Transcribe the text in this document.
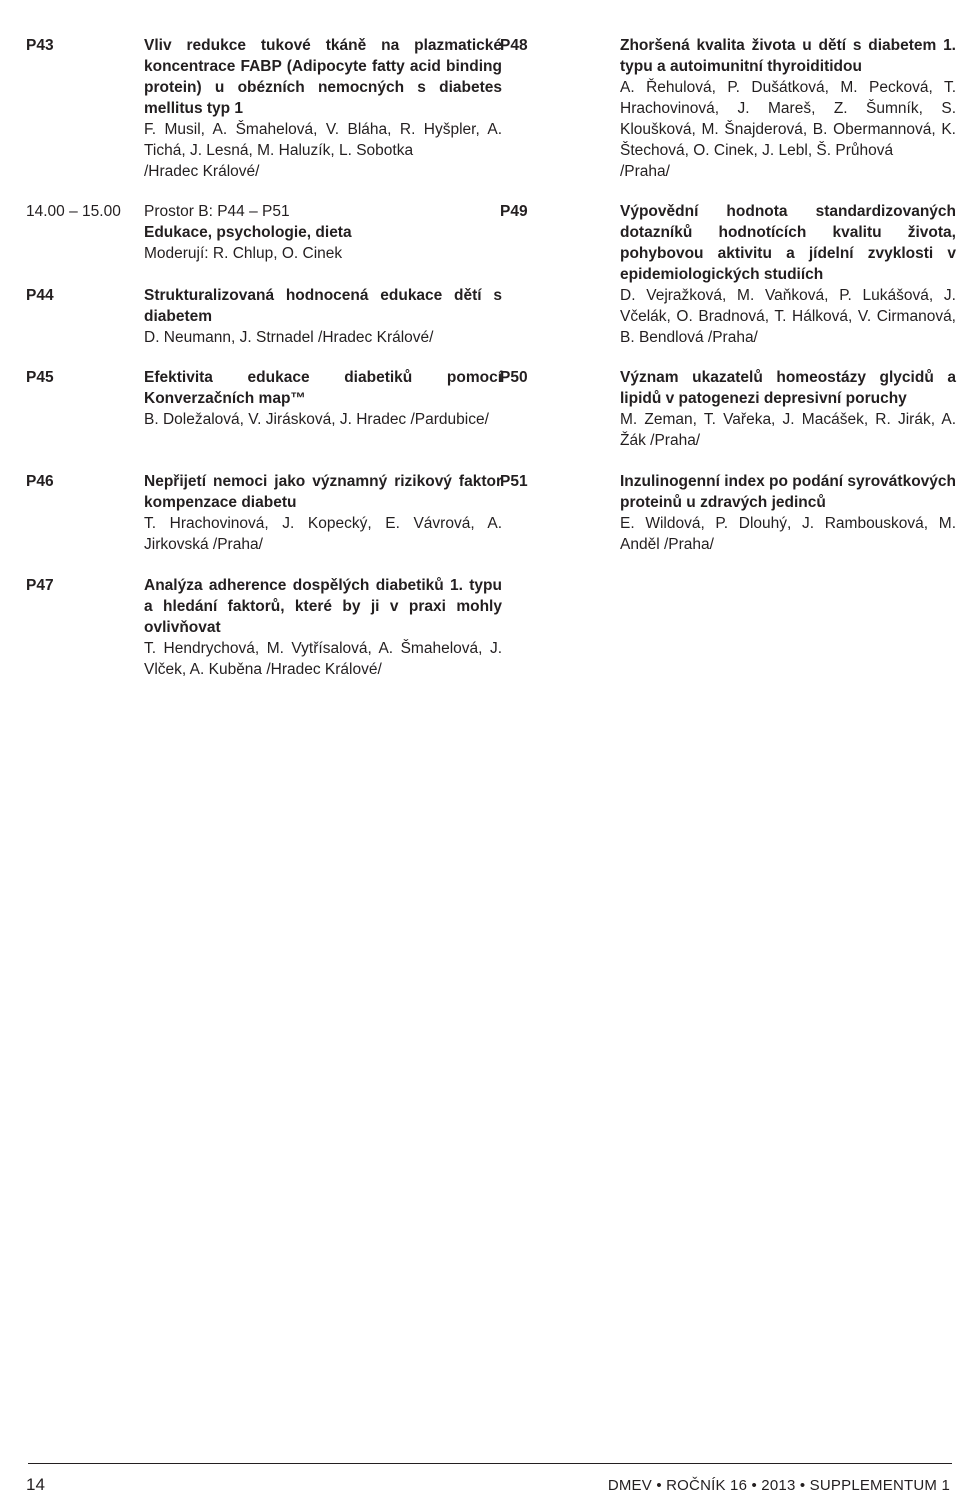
P43	Vliv redukce tukové tkáně na plazmatické koncentrace FABP (Adipocyte fatty acid binding protein) u obézních nemocných s diabetes mellitus typ 1
F. Musil, A. Šmahelová, V. Bláha, R. Hyšpler, A. Tichá, J. Lesná, M. Haluzík, L. Sobotka
/Hradec Králové/
14.00 – 15.00 Prostor B: P44 – P51
Edukace, psychologie, dieta
Moderují: R. Chlup, O. Cinek
P44	Strukturalizovaná hodnocená edukace dětí s diabetem
D. Neumann, J. Strnadel /Hradec Králové/
P45	Efektivita edukace diabetiků pomocí Konverzačních map™
B. Doležalová, V. Jirásková, J. Hradec /Pardubice/
P46	Nepřijetí nemoci jako významný rizikový faktor kompenzace diabetu
T. Hrachovinová, J. Kopecký, E. Vávrová, A. Jirkovská /Praha/
P47	Analýza adherence dospělých diabetiků 1. typu a hledání faktorů, které by ji v praxi mohly ovlivňovat
T. Hendrychová, M. Vytřísalová, A. Šmahelová, J. Vlček, A. Kuběna /Hradec Králové/
P48	Zhoršená kvalita života u dětí s diabetem 1. typu a autoimunitní thyroiditidou
A. Řehulová, P. Dušátková, M. Pecková, T. Hrachovinová, J. Mareš, Z. Šumník, S. Kloušková, M. Šnajderová, B. Obermannová, K. Štechová, O. Cinek, J. Lebl, Š. Průhová
/Praha/
P49	Výpovědní hodnota standardizovaných dotazníků hodnotících kvalitu života, pohybovou aktivitu a jídelní zvyklosti v epidemiologických studiích
D. Vejražková, M. Vaňková, P. Lukášová, J. Včelák, O. Bradnová, T. Hálková, V. Cirmanová, B. Bendlová /Praha/
P50	Význam ukazatelů homeostázy glycidů a lipidů v patogenezi depresivní poruchy
M. Zeman, T. Vařeka, J. Macášek, R. Jirák, A. Žák /Praha/
P51	Inzulinogenní index po podání syrovátkových proteinů u zdravých jedinců
E. Wildová, P. Dlouhý, J. Rambousková, M. Anděl /Praha/
14	DMEV • ROČNÍK 16 • 2013 • SUPPLEMENTUM 1
